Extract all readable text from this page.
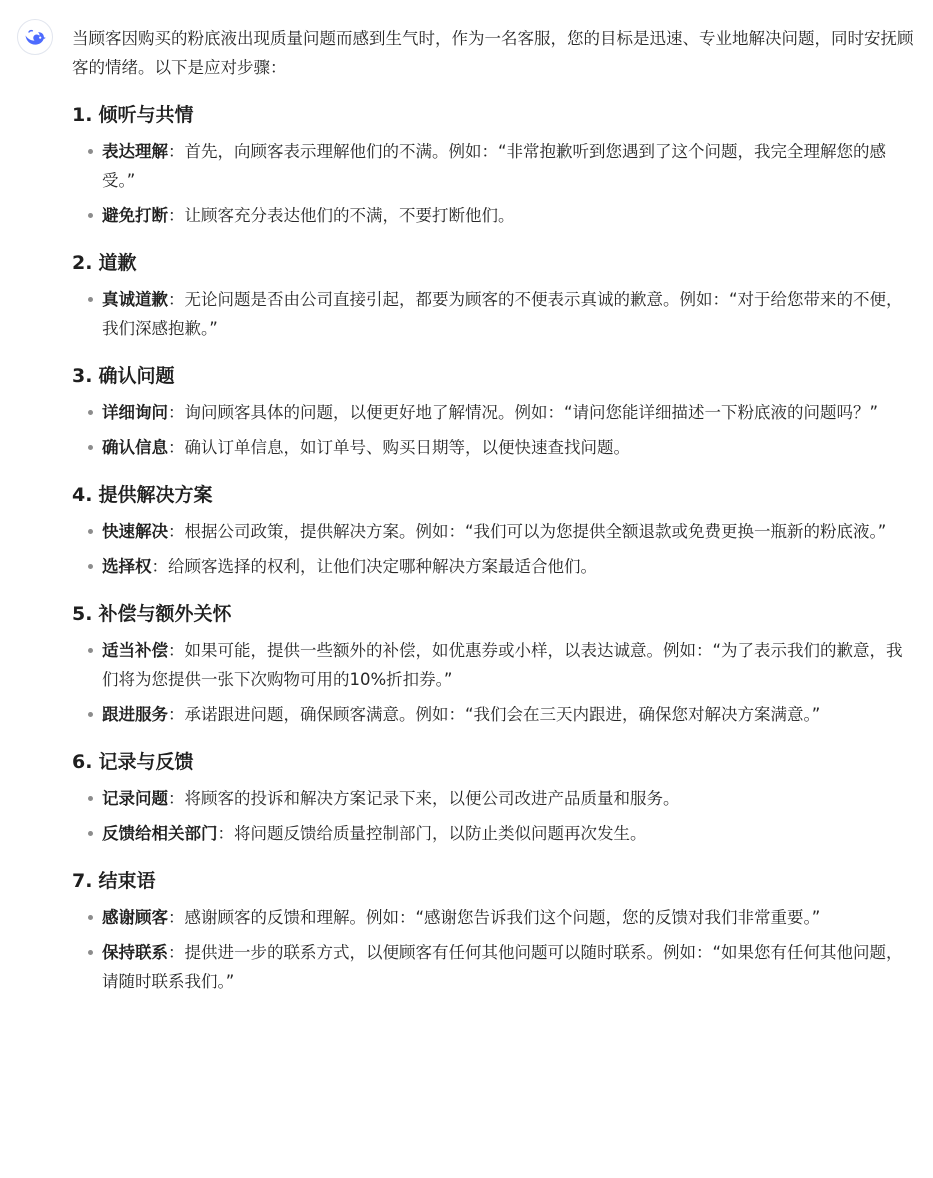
当顾客因购买的粉底液出现质量问题而感到生气时，作为一名客服，您的目标是迅速、专业地解决问题，同时安抚顾客的情绪。以下是应对步骤：

1. 倾听与共情
表达理解：首先，向顾客表示理解他们的不满。例如：“非常抱歉听到您遇到了这个问题，我完全理解您的感受。”
避免打断：让顾客充分表达他们的不满，不要打断他们。
2. 道歉
真诚道歉：无论问题是否由公司直接引起，都要为顾客的不便表示真诚的歉意。例如：“对于给您带来的不便，我们深感抱歉。”
3. 确认问题
详细询问：询问顾客具体的问题，以便更好地了解情况。例如：“请问您能详细描述一下粉底液的问题吗？”
确认信息：确认订单信息，如订单号、购买日期等，以便快速查找问题。
4. 提供解决方案
快速解决：根据公司政策，提供解决方案。例如：“我们可以为您提供全额退款或免费更换一瓶新的粉底液。”
选择权：给顾客选择的权利，让他们决定哪种解决方案最适合他们。
5. 补偿与额外关怀
适当补偿：如果可能，提供一些额外的补偿，如优惠券或小样，以表达诚意。例如：“为了表示我们的歉意，我们将为您提供一张下次购物可用的10%折扣券。”
跟进服务：承诺跟进问题，确保顾客满意。例如：“我们会在三天内跟进，确保您对解决方案满意。”
6. 记录与反馈
记录问题：将顾客的投诉和解决方案记录下来，以便公司改进产品质量和服务。
反馈给相关部门：将问题反馈给质量控制部门，以防止类似问题再次发生。
7. 结束语
感谢顾客：感谢顾客的反馈和理解。例如：“感谢您告诉我们这个问题，您的反馈对我们非常重要。”
保持联系：提供进一步的联系方式，以便顾客有任何其他问题可以随时联系。例如：“如果您有任何其他问题，请随时联系我们。”
